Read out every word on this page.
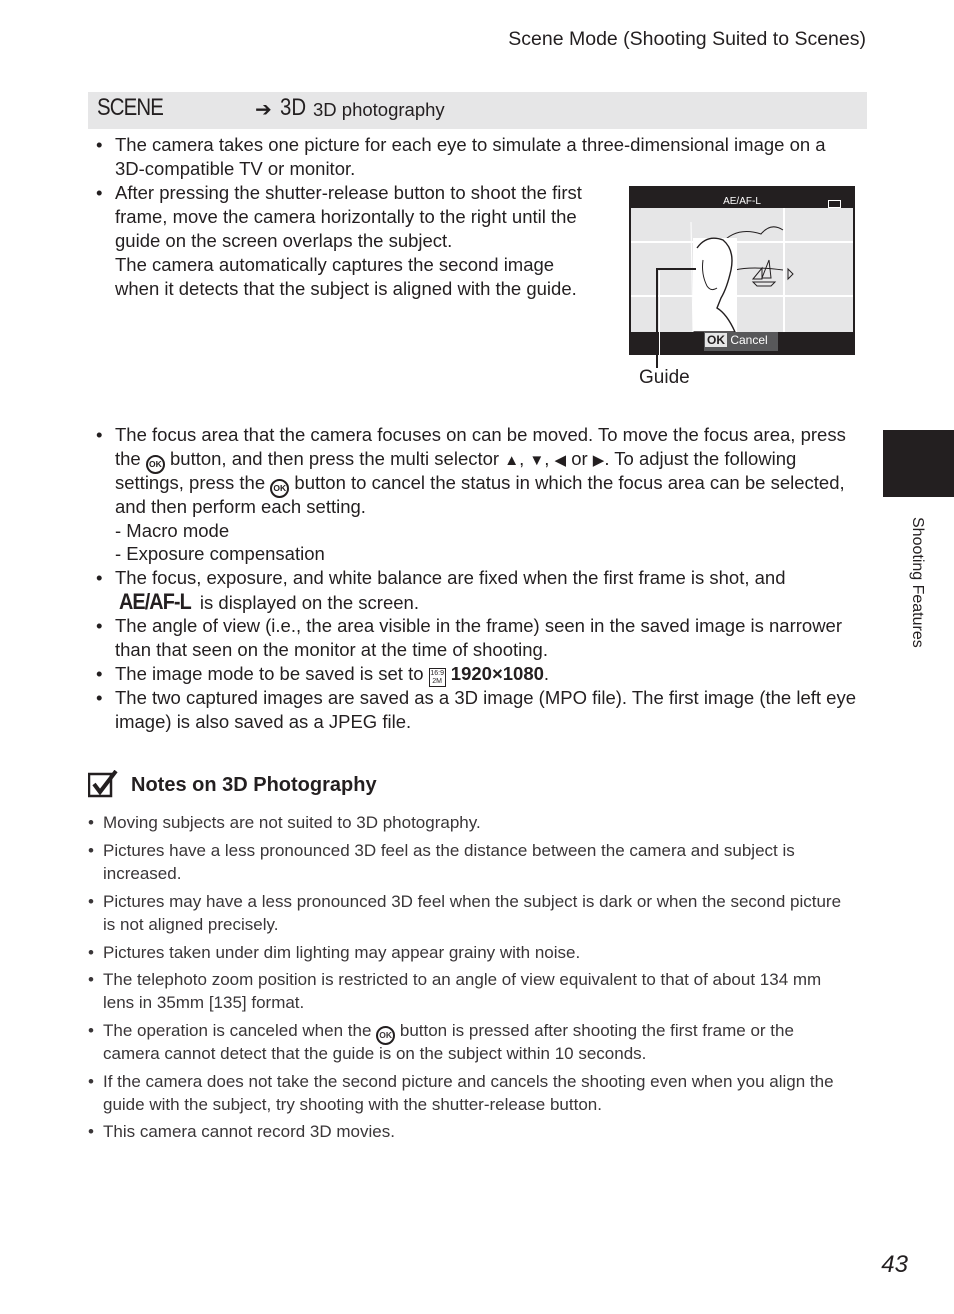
Scene Mode (Shooting Suited to Scenes)
SCENE	➔ 3D 3D photography
• The camera takes one picture for each eye to simulate a three-dimensional image on a
3D-compatible TV or monitor.
• After pressing the shutter-release button to shoot the first
frame, move the camera horizontally to the right until the
guide on the screen overlaps the subject.
The camera automatically captures the second image
when it detects that the subject is aligned with the guide.
AE/AF-L
OK Cancel
Guide
• The focus area that the camera focuses on can be moved. To move the focus area, press
the OK button, and then press the multi selector ▲, ▼, ◀ or ▶. To adjust the following
settings, press the OK button to cancel the status in which the focus area can be selected,
and then perform each setting.
- Macro mode
- Exposure compensation
• The focus, exposure, and white balance are fixed when the first frame is shot, and
AE/AF-L is displayed on the screen.
• The angle of view (i.e., the area visible in the frame) seen in the saved image is narrower
than that seen on the monitor at the time of shooting.
• The image mode to be saved is set to 16:9
2M 1920×1080.
• The two captured images are saved as a 3D image (MPO file). The first image (the left eye
image) is also saved as a JPEG file.
Notes on 3D Photography
• Moving subjects are not suited to 3D photography.
• Pictures have a less pronounced 3D feel as the distance between the camera and subject is
increased.
• Pictures may have a less pronounced 3D feel when the subject is dark or when the second picture
is not aligned precisely.
• Pictures taken under dim lighting may appear grainy with noise.
• The telephoto zoom position is restricted to an angle of view equivalent to that of about 134 mm
lens in 35mm [135] format.
• The operation is canceled when the OK button is pressed after shooting the first frame or the
camera cannot detect that the guide is on the subject within 10 seconds.
• If the camera does not take the second picture and cancels the shooting even when you align the
guide with the subject, try shooting with the shutter-release button.
• This camera cannot record 3D movies.
Shooting Features
43
